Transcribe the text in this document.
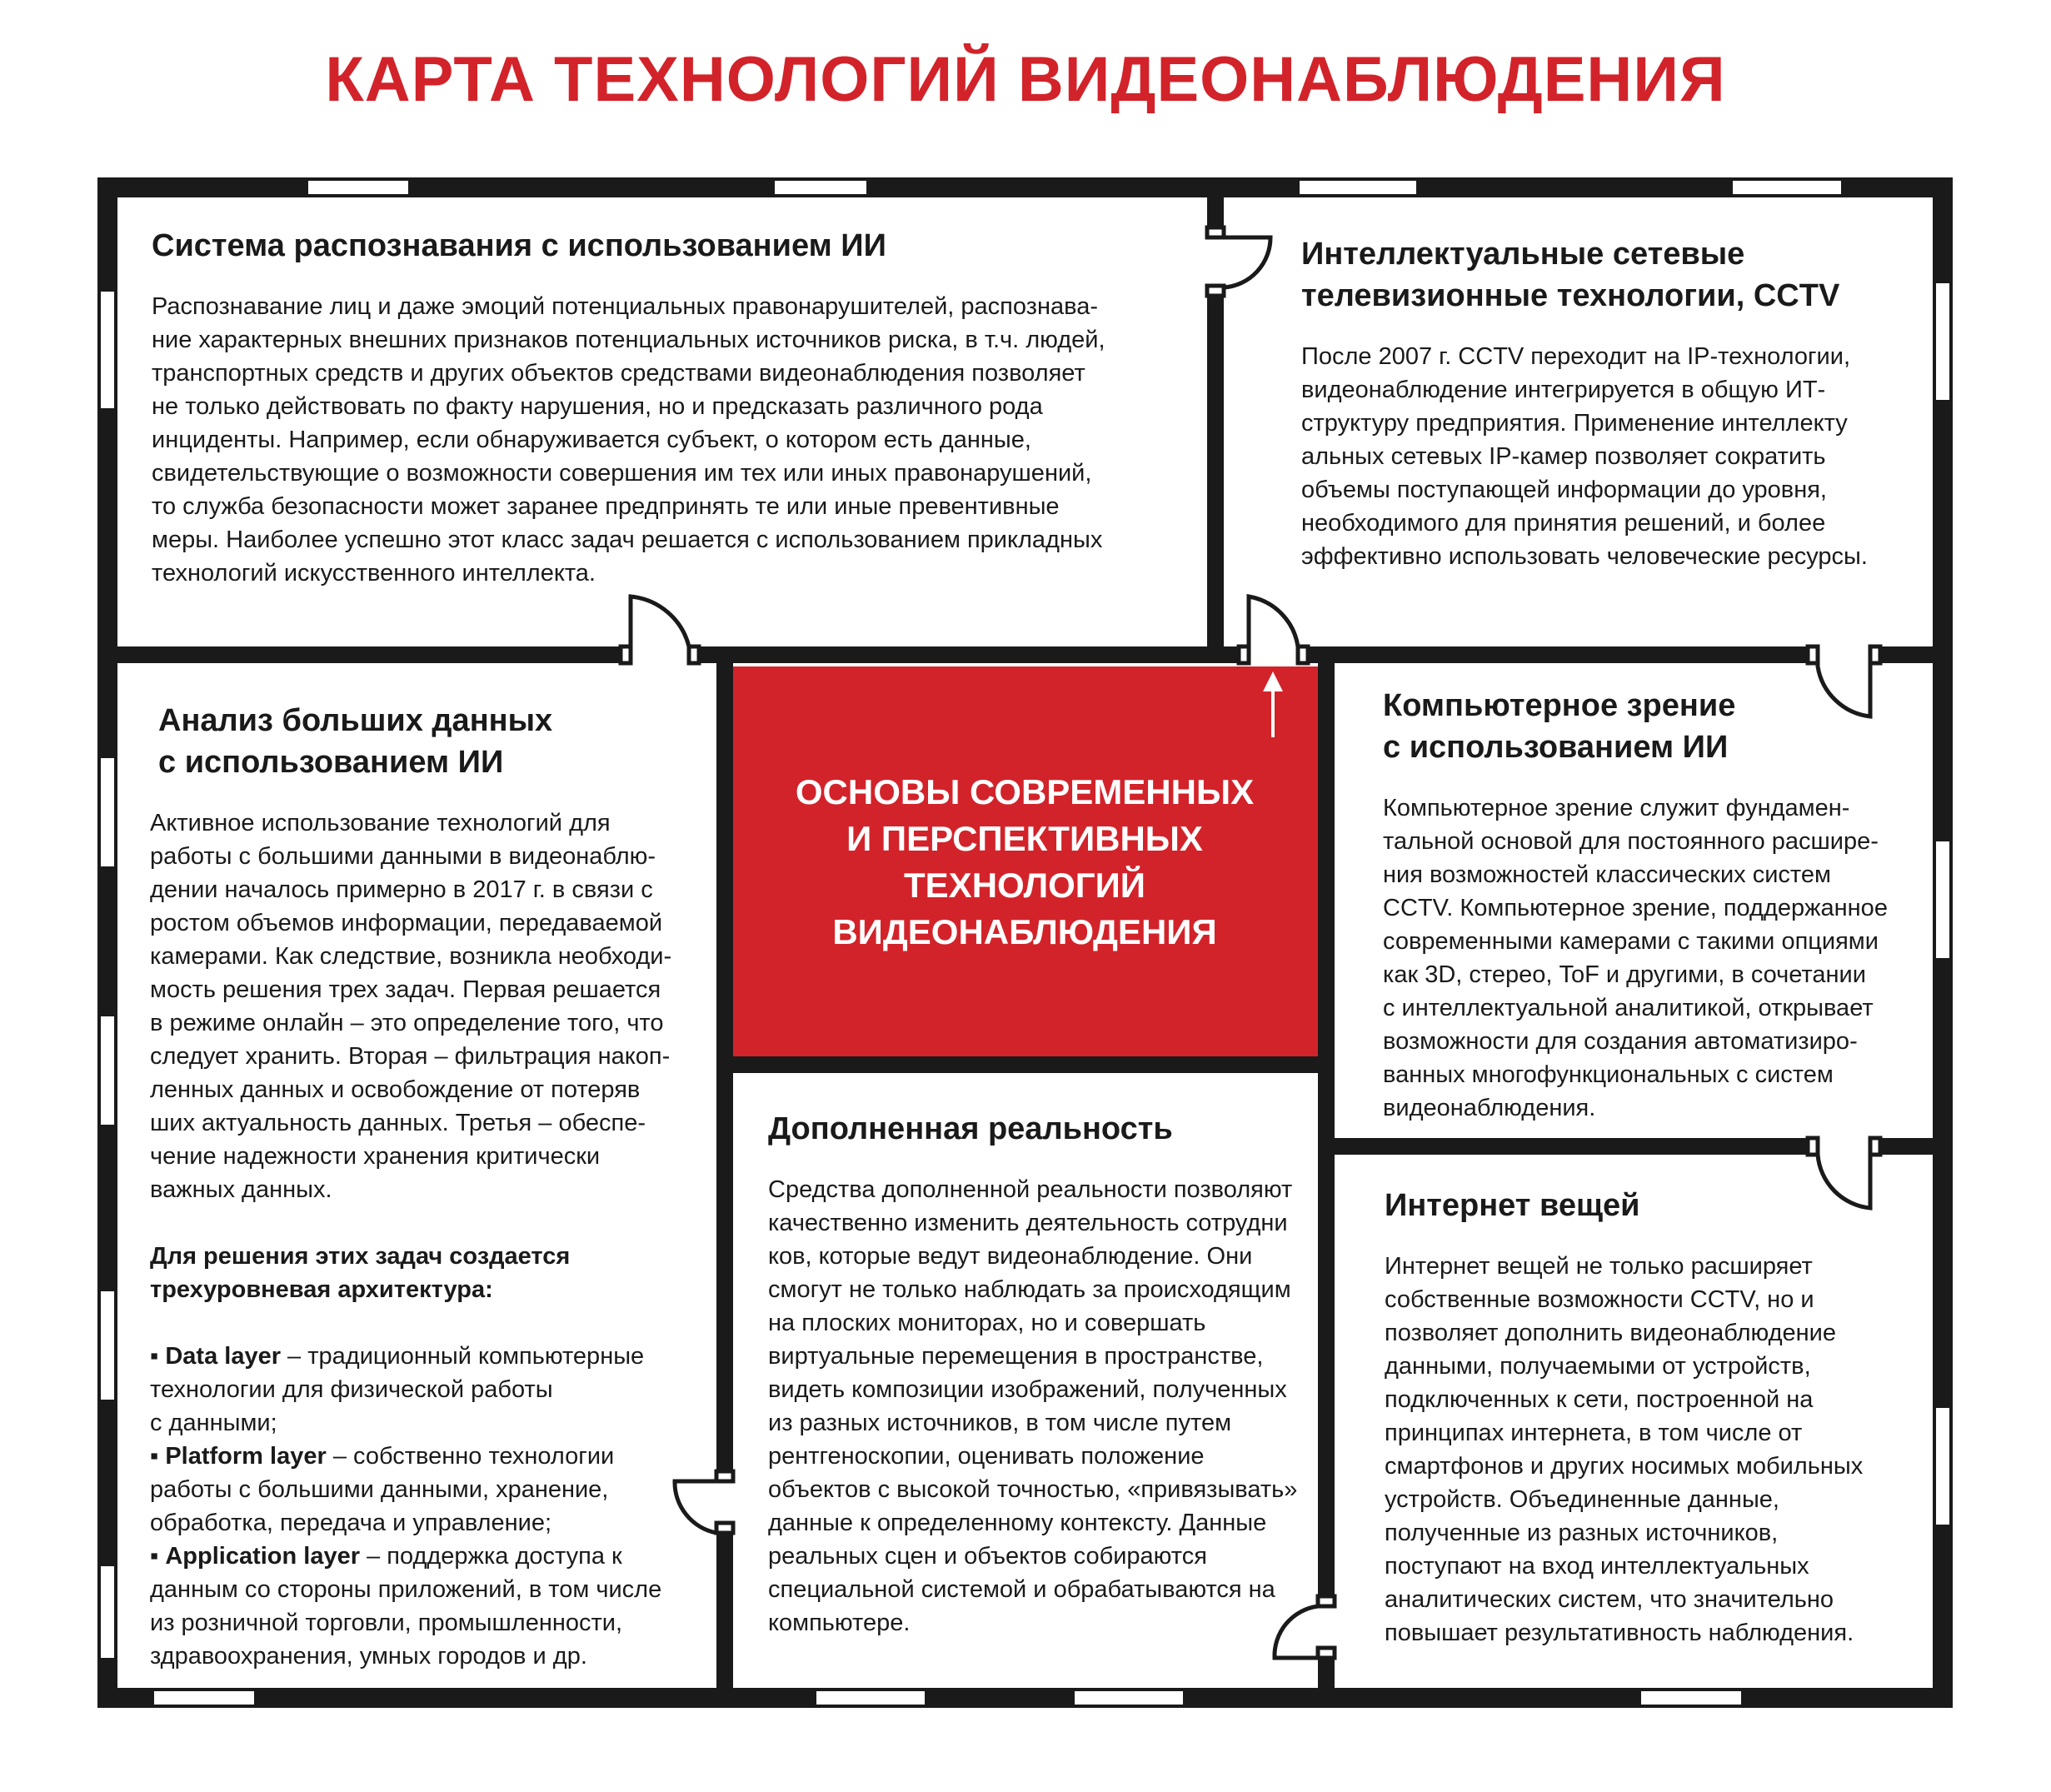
КАРТА ТЕХНОЛОГИЙ ВИДЕОНАБЛЮДЕНИЯ
ОСНОВЫ СОВРЕМЕННЫХ
И ПЕРСПЕКТИВНЫХ
ТЕХНОЛОГИЙ
ВИДЕОНАБЛЮДЕНИЯ
Система распознавания с использованием ИИ

Распознавание лиц и даже эмоций потенциальных правонарушителей, распознава-

ние характерных внешних признаков потенциальных источников риска, в т.ч. людей,

транспортных средств и других объектов средствами видеонаблюдения позволяет

не только действовать по факту нарушения, но и предсказать различного рода

инциденты. Например, если обнаруживается субъект, о котором есть данные,

свидетельствующие о возможности совершения им тех или иных правонарушений,

то служба безопасности может заранее предпринять те или иные превентивные

меры. Наиболее успешно этот класс задач решается с использованием прикладных

технологий искусственного интеллекта.

Интеллектуальные сетевые
телевизионные технологии, CCTV

После 2007 г. CCTV переходит на IP-технологии,

видеонаблюдение интегрируется в общую ИТ-

структуру предприятия. Применение интеллекту

альных сетевых IP-камер позволяет сократить

объемы поступающей информации до уровня,

необходимого для принятия решений, и более

эффективно использовать человеческие ресурсы.

Анализ больших данных
с использованием ИИ

Активное использование технологий для

работы с большими данными в видеонаблю-

дении началось примерно в 2017 г. в связи с

ростом объемов информации, передаваемой

камерами. Как следствие, возникла необходи-

мость решения трех задач. Первая решается

в режиме онлайн – это определение того, что

следует хранить. Вторая – фильтрация накоп-

ленных данных и освобождение от потеряв

ших актуальность данных. Третья – обеспе-

чение надежности хранения критически

важных данных.

Для решения этих задач создается

трехуровневая архитектура:

▪ Data layer – традиционный компьютерные

технологии для физической работы

с данными;

▪ Platform layer – собственно технологии

работы с большими данными, хранение,

обработка, передача и управление;

▪ Application layer – поддержка доступа к

данным со стороны приложений, в том числе

из розничной торговли, промышленности,

здравоохранения, умных городов и др.

Дополненная реальность

Средства дополненной реальности позволяют

качественно изменить деятельность сотрудни

ков, которые ведут видеонаблюдение. Они

смогут не только наблюдать за происходящим

на плоских мониторах, но и совершать

виртуальные перемещения в пространстве,

видеть композиции изображений, полученных

из разных источников, в том числе путем

рентгеноскопии, оценивать положение

объектов с высокой точностью, «привязывать»

данные к определенному контексту. Данные

реальных сцен и объектов собираются

специальной системой и обрабатываются на

компьютере.

Компьютерное зрение
с использованием ИИ

Компьютерное зрение служит фундамен-

тальной основой для постоянного расшире-

ния возможностей классических систем

CCTV. Компьютерное зрение, поддержанное

современными камерами с такими опциями

как 3D, стерео, ToF и другими, в сочетании

с интеллектуальной аналитикой, открывает

возможности для создания автоматизиро-

ванных многофункциональных с систем

видеонаблюдения.

Интернет вещей

Интернет вещей не только расширяет

собственные возможности CCTV, но и

позволяет дополнить видеонаблюдение

данными, получаемыми от устройств,

подключенных к сети, построенной на

принципах интернета, в том числе от

смартфонов и других носимых мобильных

устройств. Объединенные данные,

полученные из разных источников,

поступают на вход интеллектуальных

аналитических систем, что значительно

повышает результативность наблюдения.
